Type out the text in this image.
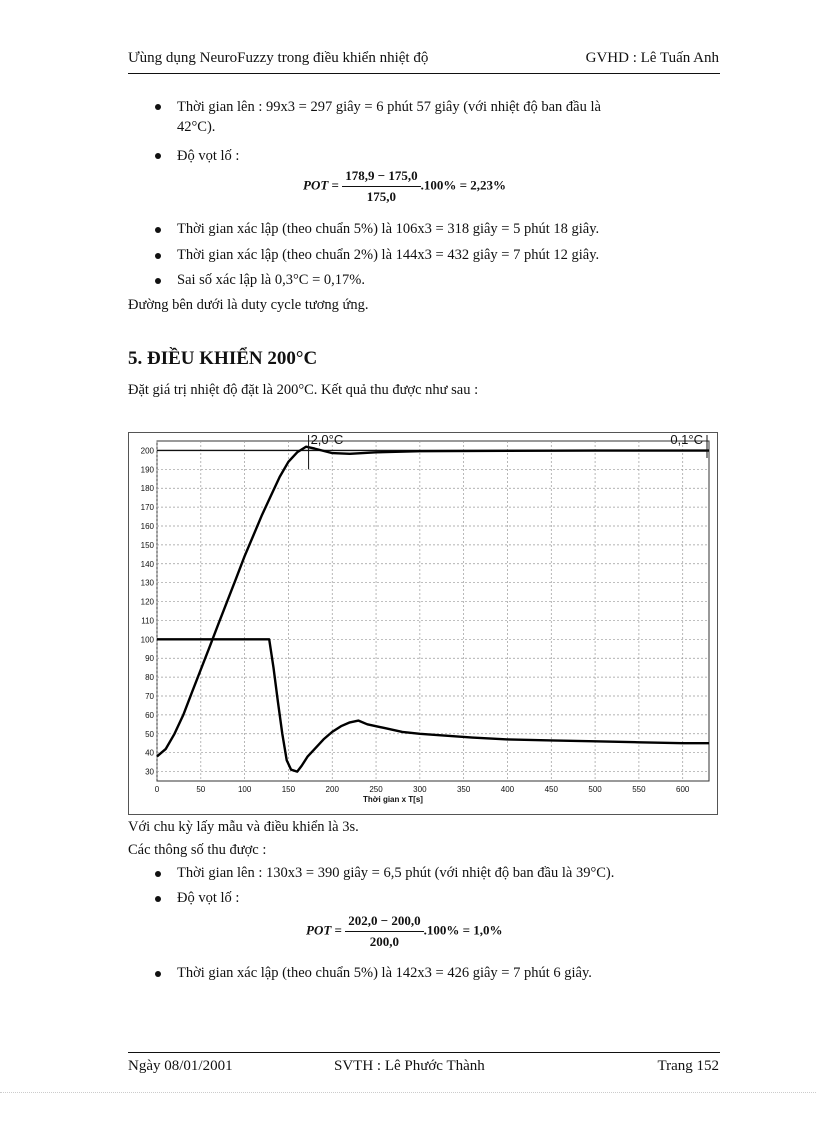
Ưùng dụng NeuroFuzzy trong điều khiển nhiệt độ	GVHD : Lê Tuấn Anh
Thời gian lên : 99x3 = 297 giây = 6 phút 57 giây (với nhiệt độ ban đầu là
42°C).
Độ vọt lố :
POT = $\frac{178,9 - 175,0}{175,0} .100\% = 2,23\%$
Thời gian xác lập (theo chuẩn 5%) là 106x3 = 318 giây = 5 phút 18 giây.
Thời gian xác lập (theo chuẩn 2%) là 144x3 = 432 giây = 7 phút 12 giây.
Sai số xác lập là 0,3°C = 0,17%.
Đường bên dưới là duty cycle tương ứng.
5. ĐIỀU KHIỂN 200°C
Đặt giá trị nhiệt độ đặt là 200°C. Kết quả thu được như sau :
0	50	100	150	200	250	300	350	400	450	500	550	600
30
40
50
60
70
80
90
100
110
120
130
140
150
160
170
180
190
200
Thời gian x T[s]
2,0°C	0,1°C
Với chu kỳ lấy mẫu và điều khiển là 3s.
Các thông số thu được :
Thời gian lên : 130x3 = 390 giây = 6,5 phút (với nhiệt độ ban đầu là 39°C).
Độ vọt lố :
POT = $\frac{202,0 - 200,0}{200,0} .100\% = 1,0\%$
Thời gian xác lập (theo chuẩn 5%) là 142x3 = 426 giây = 7 phút 6 giây.
Ngày 08/01/2001	SVTH : Lê Phước Thành	Trang 152
